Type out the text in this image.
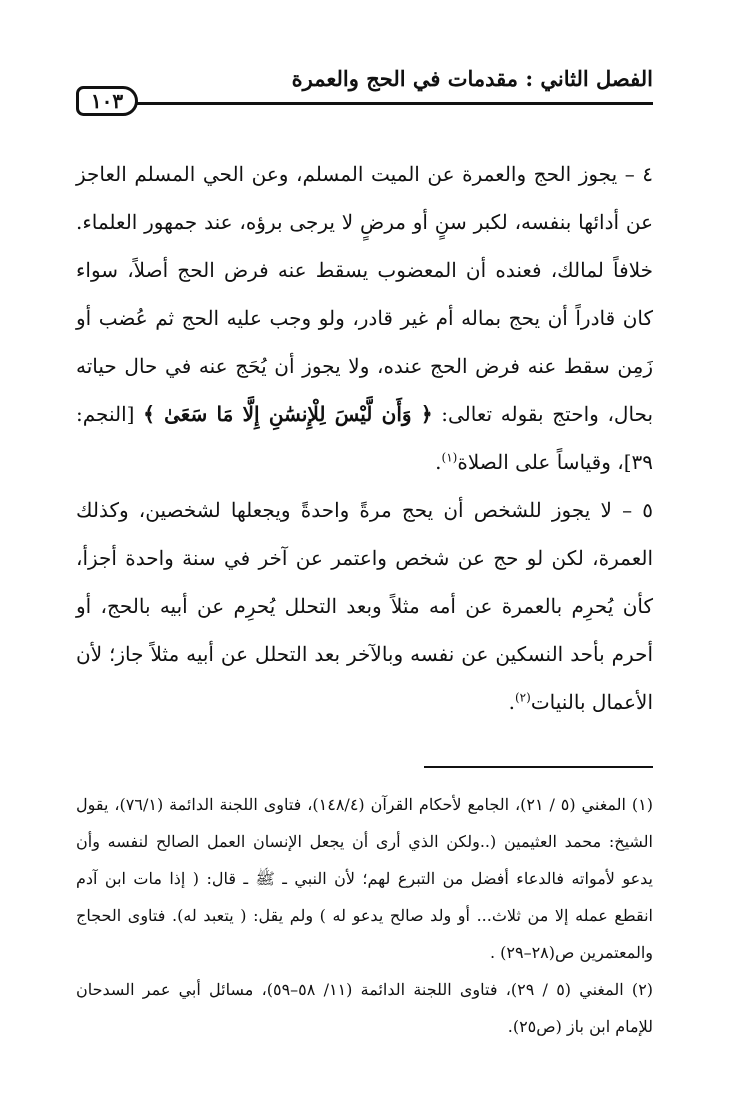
الفصل الثاني : مقدمات في الحج والعمرة
١٠٣
٤ – يجوز الحج والعمرة عن الميت المسلم، وعن الحي المسلم العاجز عن أدائها بنفسه، لكبر سنٍ أو مرضٍ لا يرجى برؤه، عند جمهور العلماء. خلافاً لمالك، فعنده أن المعضوب يسقط عنه فرض الحج أصلاً، سواء كان قادراً أن يحج بماله أم غير قادر، ولو وجب عليه الحج ثم عُضب أو زَمِن سقط عنه فرض الحج عنده، ولا يجوز أن يُحَج عنه في حال حياته بحال، واحتج بقوله تعالى: ﴿ وَأَن لَّيْسَ لِلْإِنسَٰنِ إِلَّا مَا سَعَىٰ ﴾ [النجم: ٣٩]، وقياساً على الصلاة$^{(١)}$.
٥ – لا يجوز للشخص أن يحج مرةً واحدةً ويجعلها لشخصين، وكذلك العمرة، لكن لو حج عن شخص واعتمر عن آخر في سنة واحدة أجزأ، كأن يُحرِم بالعمرة عن أمه مثلاً وبعد التحلل يُحرِم عن أبيه بالحج، أو أحرم بأحد النسكين عن نفسه وبالآخر بعد التحلل عن أبيه مثلاً جاز؛ لأن الأعمال بالنيات$^{(٢)}$.

(١) المغني (٥ / ٢١)، الجامع لأحكام القرآن (١٤٨/٤)، فتاوى اللجنة الدائمة (٧٦/١)، يقول الشيخ: محمد العثيمين (..ولكن الذي أرى أن يجعل الإنسان العمل الصالح لنفسه وأن يدعو لأمواته فالدعاء أفضل من التبرع لهم؛ لأن النبي ـ ﷺ ـ قال: ( إذا مات ابن آدم انقطع عمله إلا من ثلاث... أو ولد صالح يدعو له ) ولم يقل: ( يتعبد له). فتاوى الحجاج والمعتمرين ص(٢٨–٢٩) .

(٢) المغني (٥ / ٢٩)، فتاوى اللجنة الدائمة (١١/ ٥٨–٥٩)، مسائل أبي عمر السدحان للإمام ابن باز (ص٢٥).
